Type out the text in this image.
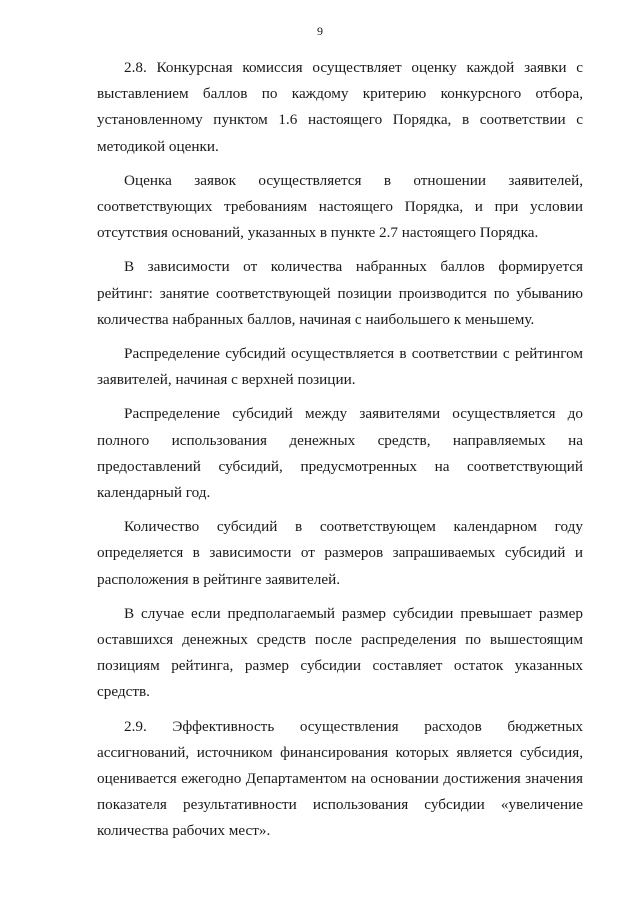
9

2.8. Конкурсная комиссия осуществляет оценку каждой заявки с выставлением баллов по каждому критерию конкурсного отбора, установленному пунктом 1.6 настоящего Порядка, в соответствии с методикой оценки.

Оценка заявок осуществляется в отношении заявителей, соответствующих требованиям настоящего Порядка, и при условии отсутствия оснований, указанных в пункте 2.7 настоящего Порядка.

В зависимости от количества набранных баллов формируется рейтинг: занятие соответствующей позиции производится по убыванию количества набранных баллов, начиная с наибольшего к меньшему.

Распределение субсидий осуществляется в соответствии с рейтингом заявителей, начиная с верхней позиции.

Распределение субсидий между заявителями осуществляется до полного использования денежных средств, направляемых на предоставлений субсидий, предусмотренных на соответствующий календарный год.

Количество субсидий в соответствующем календарном году определяется в зависимости от размеров запрашиваемых субсидий и расположения в рейтинге заявителей.

В случае если предполагаемый размер субсидии превышает размер оставшихся денежных средств после распределения по вышестоящим позициям рейтинга, размер субсидии составляет остаток указанных средств.

2.9. Эффективность осуществления расходов бюджетных ассигнований, источником финансирования которых является субсидия, оценивается ежегодно Департаментом на основании достижения значения показателя результативности использования субсидии «увеличение количества рабочих мест».
